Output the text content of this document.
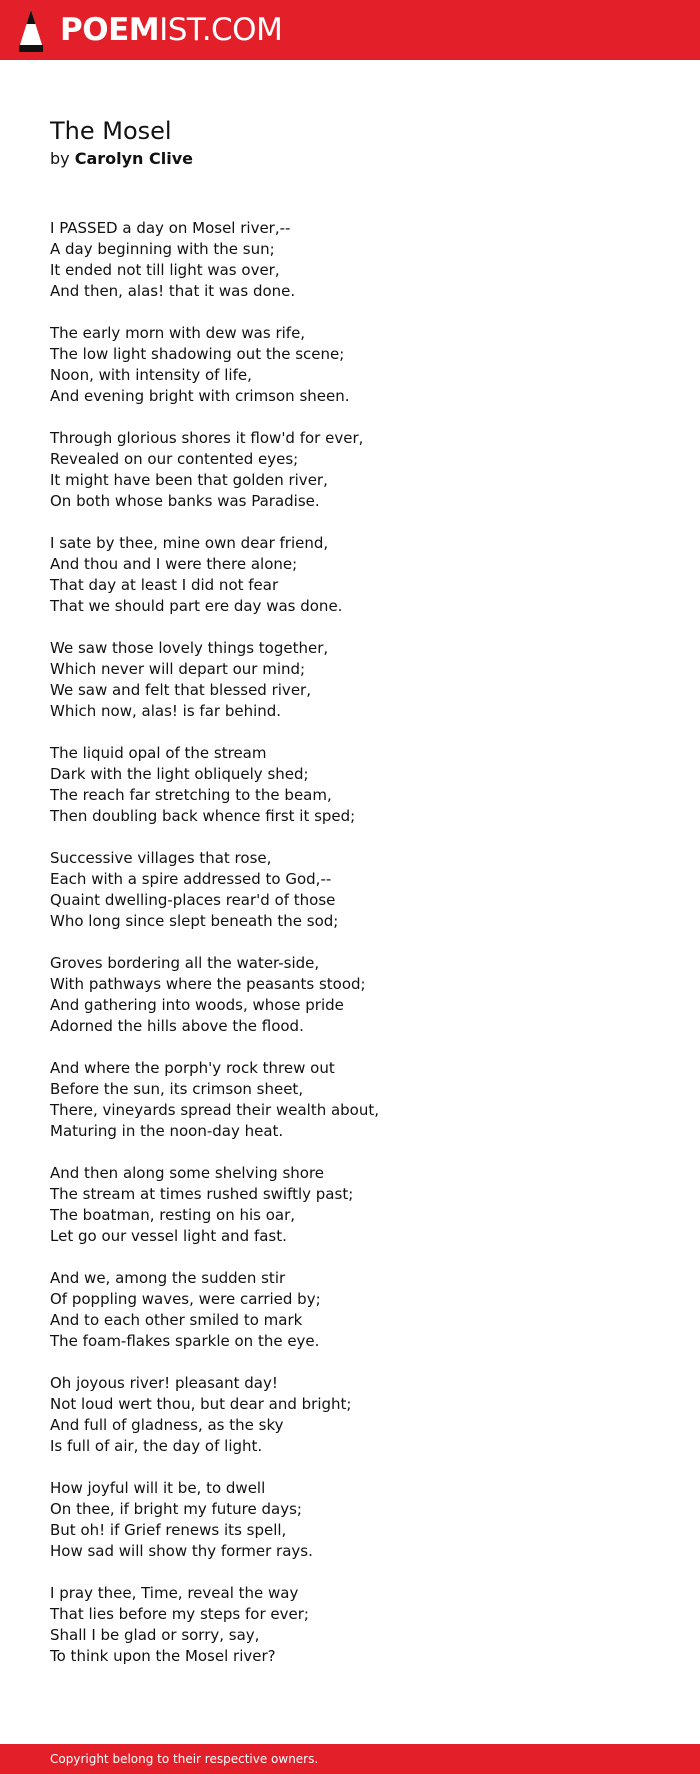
POEMIST.COM
The Mosel
by Carolyn Clive
I PASSED a day on Mosel river,--
A day beginning with the sun;
It ended not till light was over,
And then, alas! that it was done.
The early morn with dew was rife,
The low light shadowing out the scene;
Noon, with intensity of life,
And evening bright with crimson sheen.
Through glorious shores it flow'd for ever,
Revealed on our contented eyes;
It might have been that golden river,
On both whose banks was Paradise.
I sate by thee, mine own dear friend,
And thou and I were there alone;
That day at least I did not fear
That we should part ere day was done.
We saw those lovely things together,
Which never will depart our mind;
We saw and felt that blessed river,
Which now, alas! is far behind.
The liquid opal of the stream
Dark with the light obliquely shed;
The reach far stretching to the beam,
Then doubling back whence first it sped;
Successive villages that rose,
Each with a spire addressed to God,--
Quaint dwelling-places rear'd of those
Who long since slept beneath the sod;
Groves bordering all the water-side,
With pathways where the peasants stood;
And gathering into woods, whose pride
Adorned the hills above the flood.
And where the porph'y rock threw out
Before the sun, its crimson sheet,
There, vineyards spread their wealth about,
Maturing in the noon-day heat.
And then along some shelving shore
The stream at times rushed swiftly past;
The boatman, resting on his oar,
Let go our vessel light and fast.
And we, among the sudden stir
Of poppling waves, were carried by;
And to each other smiled to mark
The foam-flakes sparkle on the eye.
Oh joyous river! pleasant day!
Not loud wert thou, but dear and bright;
And full of gladness, as the sky
Is full of air, the day of light.
How joyful will it be, to dwell
On thee, if bright my future days;
But oh! if Grief renews its spell,
How sad will show thy former rays.
I pray thee, Time, reveal the way
That lies before my steps for ever;
Shall I be glad or sorry, say,
To think upon the Mosel river?
Copyright belong to their respective owners.
